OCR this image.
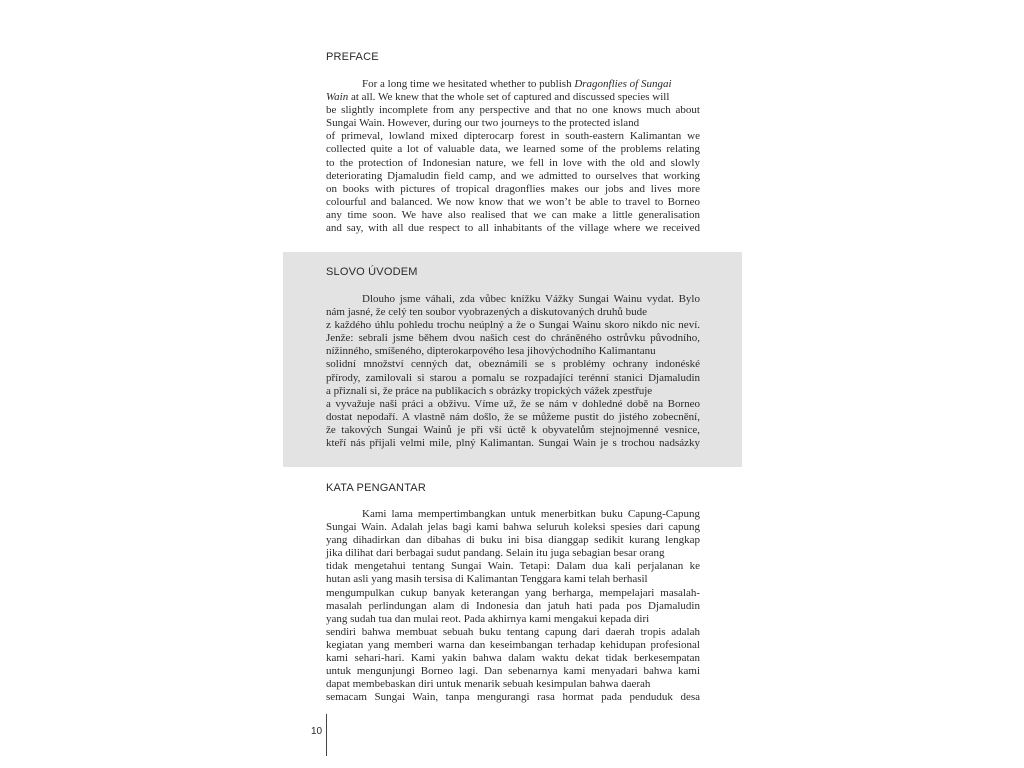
PREFACE
For a long time we hesitated whether to publish Dragonflies of Sungai
Wain at all. We knew that the whole set of captured and discussed species will
be slightly incomplete from any perspective and that no one knows much about
Sungai Wain. However, during our two journeys to the protected island
of primeval, lowland mixed dipterocarp forest in south-eastern Kalimantan we
collected quite a lot of valuable data, we learned some of the problems relating
to the protection of Indonesian nature, we fell in love with the old and slowly
deteriorating Djamaludin field camp, and we admitted to ourselves that working
on books with pictures of tropical dragonflies makes our jobs and lives more
colourful and balanced. We now know that we won’t be able to travel to Borneo
any time soon. We have also realised that we can make a little generalisation
and say, with all due respect to all inhabitants of the village where we received
SLOVO ÚVODEM
Dlouho jsme váhali, zda vůbec knížku Vážky Sungai Wainu vydat. Bylo
nám jasné, že celý ten soubor vyobrazených a diskutovaných druhů bude
z každého úhlu pohledu trochu neúplný a že o Sungai Wainu skoro nikdo nic neví.
Jenže: sebrali jsme během dvou našich cest do chráněného ostrůvku původního,
nížinného, smíšeného, dipterokarpového lesa jihovýchodního Kalimantanu
solidní množství cenných dat, obeznámili se s problémy ochrany indonéské
přírody, zamilovali si starou a pomalu se rozpadající terénní stanici Djamaludin
a přiznali si, že práce na publikacích s obrázky tropických vážek zpestřuje
a vyvažuje naši práci a obživu. Víme už, že se nám v dohledné době na Borneo
dostat nepodaří. A vlastně nám došlo, že se můžeme pustit do jistého zobecnění,
že takových Sungai Wainů je při vší úctě k obyvatelům stejnojmenné vesnice,
kteří nás přijali velmi mile, plný Kalimantan. Sungai Wain je s trochou nadsázky
KATA PENGANTAR
Kami lama mempertimbangkan untuk menerbitkan buku Capung-Capung
Sungai Wain. Adalah jelas bagi kami bahwa seluruh koleksi spesies dari capung
yang dihadirkan dan dibahas di buku ini bisa dianggap sedikit kurang lengkap
jika dilihat dari berbagai sudut pandang. Selain itu juga sebagian besar orang
tidak mengetahui tentang Sungai Wain. Tetapi: Dalam dua kali perjalanan ke
hutan asli yang masih tersisa di Kalimantan Tenggara kami telah berhasil
mengumpulkan cukup banyak keterangan yang berharga, mempelajari masalah-
masalah perlindungan alam di Indonesia dan jatuh hati pada pos Djamaludin
yang sudah tua dan mulai reot. Pada akhirnya kami mengakui kepada diri
sendiri bahwa membuat sebuah buku tentang capung dari daerah tropis adalah
kegiatan yang memberi warna dan keseimbangan terhadap kehidupan profesional
kami sehari-hari. Kami yakin bahwa dalam waktu dekat tidak berkesempatan
untuk mengunjungi Borneo lagi. Dan sebenarnya kami menyadari bahwa kami
dapat membebaskan diri untuk menarik sebuah kesimpulan bahwa daerah
semacam Sungai Wain, tanpa mengurangi rasa hormat pada penduduk desa
10
